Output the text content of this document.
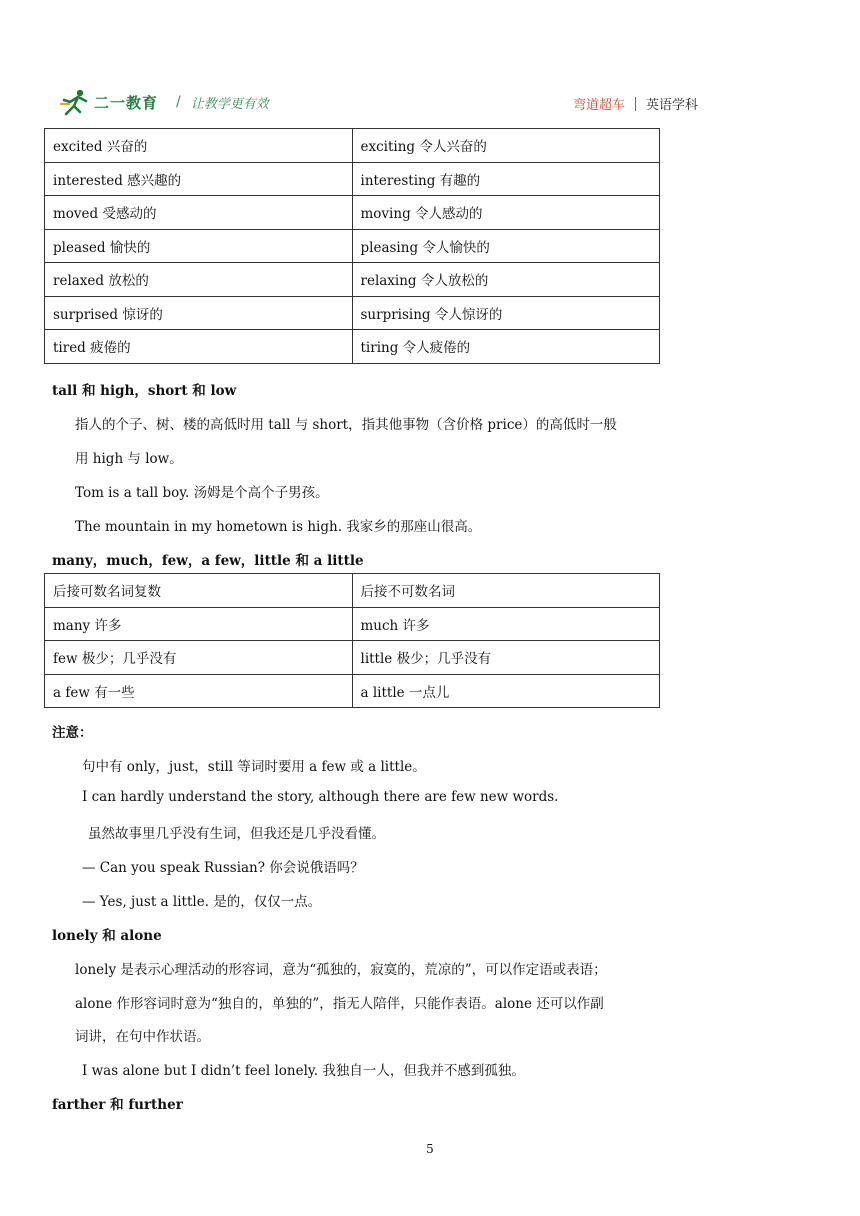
二一教育 / 让教学更有效	弯道超车 英语学科
excited 兴奋的	exciting 令人兴奋的
interested 感兴趣的	interesting 有趣的
moved 受感动的	moving 令人感动的
pleased 愉快的	pleasing 令人愉快的
relaxed 放松的	relaxing 令人放松的
surprised 惊讶的	surprising 令人惊讶的
tired 疲倦的	tiring 令人疲倦的
tall 和 high，short 和 low
指人的个子、树、楼的高低时用 tall 与 short，指其他事物（含价格 price）的高低时一般
用 high 与 low。
Tom is a tall boy. 汤姆是个高个子男孩。
The mountain in my hometown is high. 我家乡的那座山很高。
many，much，few，a few，little 和 a little
后接可数名词复数	后接不可数名词
many 许多	much 许多
few 极少；几乎没有	little 极少；几乎没有
a few 有一些	a little 一点儿
注意：
句中有 only，just，still 等词时要用 a few 或 a little。
I can hardly understand the story, although there are few new words.
虽然故事里几乎没有生词，但我还是几乎没看懂。
— Can you speak Russian? 你会说俄语吗？
— Yes, just a little. 是的，仅仅一点。
lonely 和 alone
lonely 是表示心理活动的形容词，意为“孤独的，寂寞的，荒凉的”，可以作定语或表语；
alone 作形容词时意为“独自的，单独的”，指无人陪伴，只能作表语。alone 还可以作副
词讲，在句中作状语。
I was alone but I didn’t feel lonely. 我独自一人，但我并不感到孤独。
farther 和 further
5
